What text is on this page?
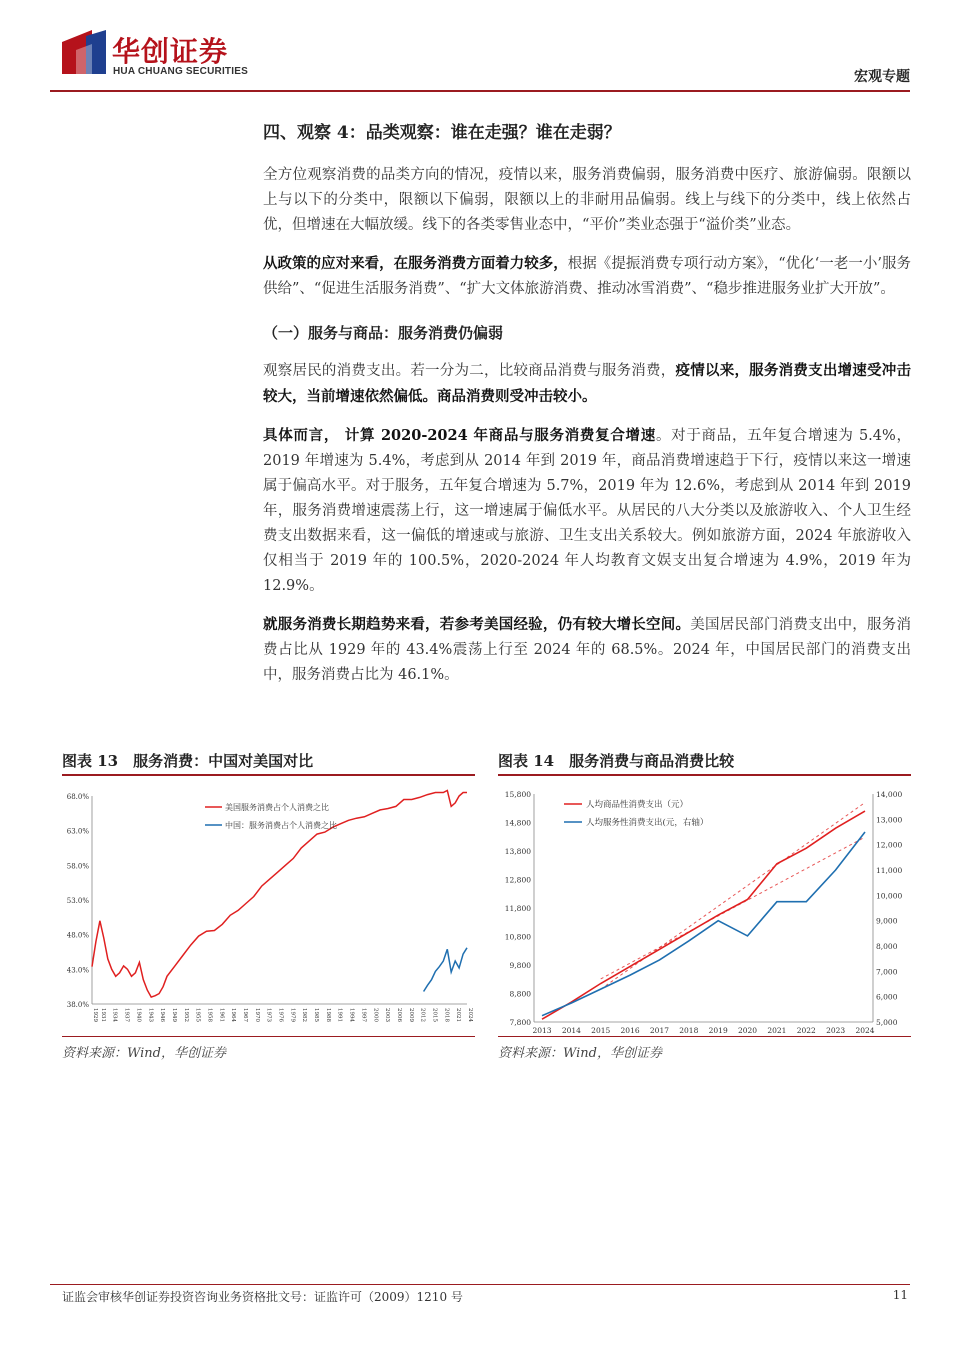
华创证券
HUA CHUANG SECURITIES	宏观专题
四、观察 4：品类观察：谁在走强？谁在走弱？

全方位观察消费的品类方向的情况，疫情以来，服务消费偏弱，服务消费中医疗、旅游偏弱。限额以上与以下的分类中，限额以下偏弱，限额以上的非耐用品偏弱。线上与线下的分类中，线上依然占优，但增速在大幅放缓。线下的各类零售业态中，“平价”类业态强于“溢价类”业态。

从政策的应对来看，在服务消费方面着力较多，根据《提振消费专项行动方案》，“优化‘一老一小’服务供给”、“促进生活服务消费”、“扩大文体旅游消费、推动冰雪消费”、“稳步推进服务业扩大开放”。

（一）服务与商品：服务消费仍偏弱

观察居民的消费支出。若一分为二，比较商品消费与服务消费，疫情以来，服务消费支出增速受冲击较大，当前增速依然偏低。商品消费则受冲击较小。

具体而言， 计算 2020-2024 年商品与服务消费复合增速。对于商品，五年复合增速为 5.4%，2019 年增速为 5.4%，考虑到从 2014 年到 2019 年，商品消费增速趋于下行，疫情以来这一增速属于偏高水平。对于服务，五年复合增速为 5.7%，2019 年为 12.6%，考虑到从 2014 年到 2019 年，服务消费增速震荡上行，这一增速属于偏低水平。从居民的八大分类以及旅游收入、个人卫生经费支出数据来看，这一偏低的增速或与旅游、卫生支出关系较大。例如旅游方面，2024 年旅游收入仅相当于 2019 年的 100.5%，2020-2024 年人均教育文娱支出复合增速为 4.9%，2019 年为 12.9%。

就服务消费长期趋势来看，若参考美国经验，仍有较大增长空间。美国居民部门消费支出中，服务消费占比从 1929 年的 43.4%震荡上行至 2024 年的 68.5%。2024 年，中国居民部门的消费支出中，服务消费占比为 46.1%。

图表 13　服务消费：中国对美国对比
38.0%
43.0%
48.0%
53.0%
58.0%
63.0%
68.0%
1929 1931 1934 1937 1940 1943 1946 1949 1952 1955 1958 1961 1964 1967 1970 1973 1976 1979 1982 1985 1988 1991 1994 1997 2000 2003 2006 2009 2012 2015 2018 2021 2024
美国服务消费占个人消费之比
中国：服务消费占个人消费之比
资料来源：Wind，华创证券
图表 14　服务消费与商品消费比较
7,800
8,800
9,800
10,800
11,800
12,800
13,800
14,800
15,800
5,000
6,000
7,000
8,000
9,000
10,000
11,000
12,000
13,000
14,000
2013 2014 2015 2016 2017 2018 2019 2020 2021 2022 2023 2024
人均商品性消费支出（元）
人均服务性消费支出(元，右轴）
资料来源：Wind，华创证券
证监会审核华创证券投资咨询业务资格批文号：证监许可（2009）1210 号	11
